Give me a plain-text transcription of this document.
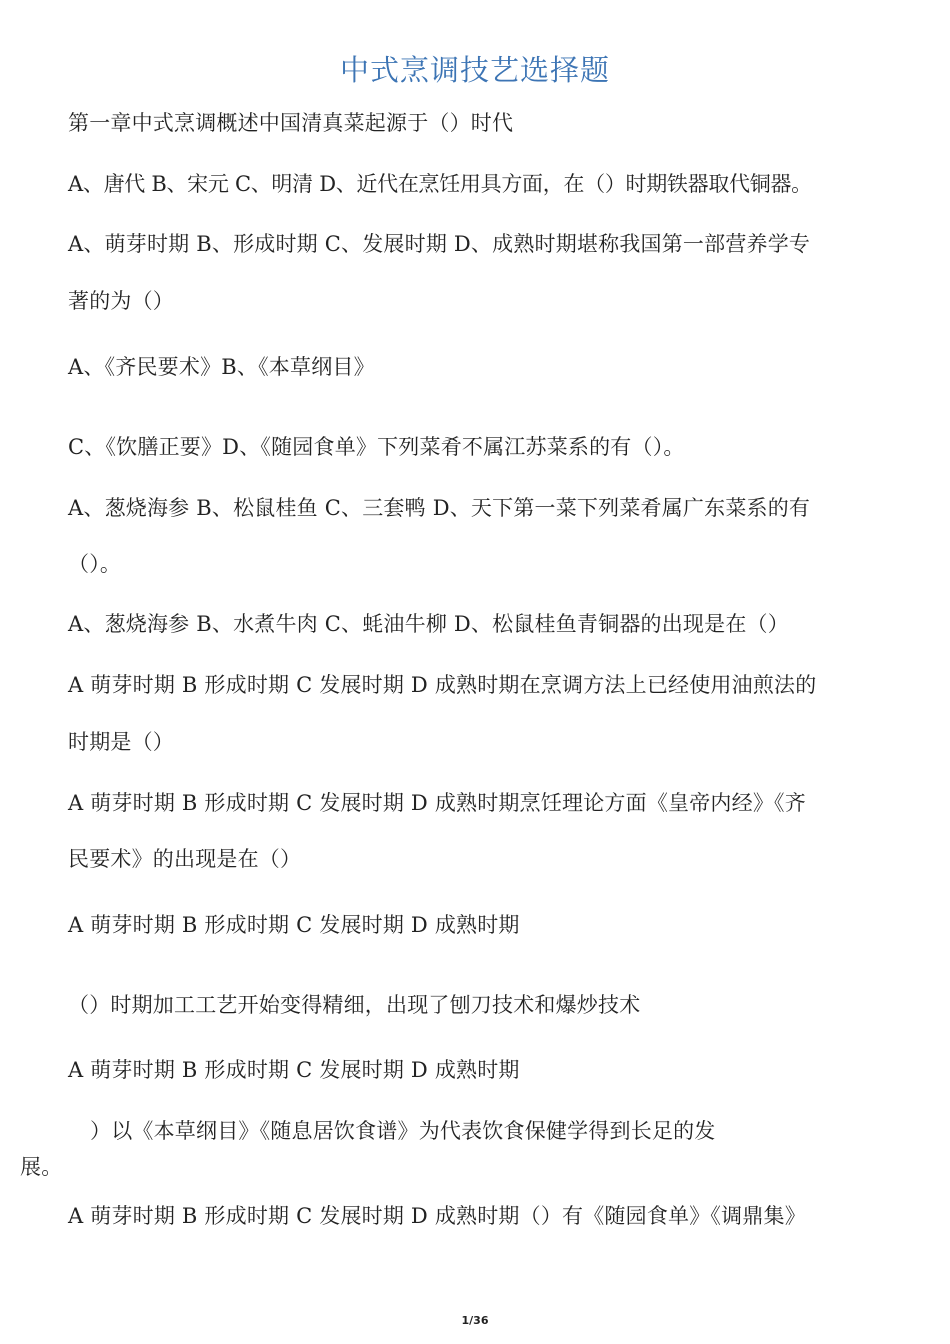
中式烹调技艺选择题
第一章中式烹调概述中国清真菜起源于（）时代
A、唐代 B、宋元 C、明清 D、近代在烹饪用具方面，在（）时期铁器取代铜器。
A、萌芽时期 B、形成时期 C、发展时期 D、成熟时期堪称我国第一部营养学专
著的为（）
A、《齐民要术》B、《本草纲目》
C、《饮膳正要》D、《随园食单》下列菜肴不属江苏菜系的有（）。
A、葱烧海参 B、松鼠桂鱼 C、三套鸭 D、天下第一菜下列菜肴属广东菜系的有
（）。
A、葱烧海参 B、水煮牛肉 C、蚝油牛柳 D、松鼠桂鱼青铜器的出现是在（）
A 萌芽时期 B 形成时期 C 发展时期 D 成熟时期在烹调方法上已经使用油煎法的
时期是（）
A 萌芽时期 B 形成时期 C 发展时期 D 成熟时期烹饪理论方面《皇帝内经》《齐
民要术》的出现是在（）
A 萌芽时期 B 形成时期 C 发展时期 D 成熟时期
（）时期加工工艺开始变得精细，出现了刨刀技术和爆炒技术
A 萌芽时期 B 形成时期 C 发展时期 D 成熟时期
）以《本草纲目》《随息居饮食谱》为代表饮食保健学得到长足的发
展。
A 萌芽时期 B 形成时期 C 发展时期 D 成熟时期（）有《随园食单》《调鼎集》
1/36
